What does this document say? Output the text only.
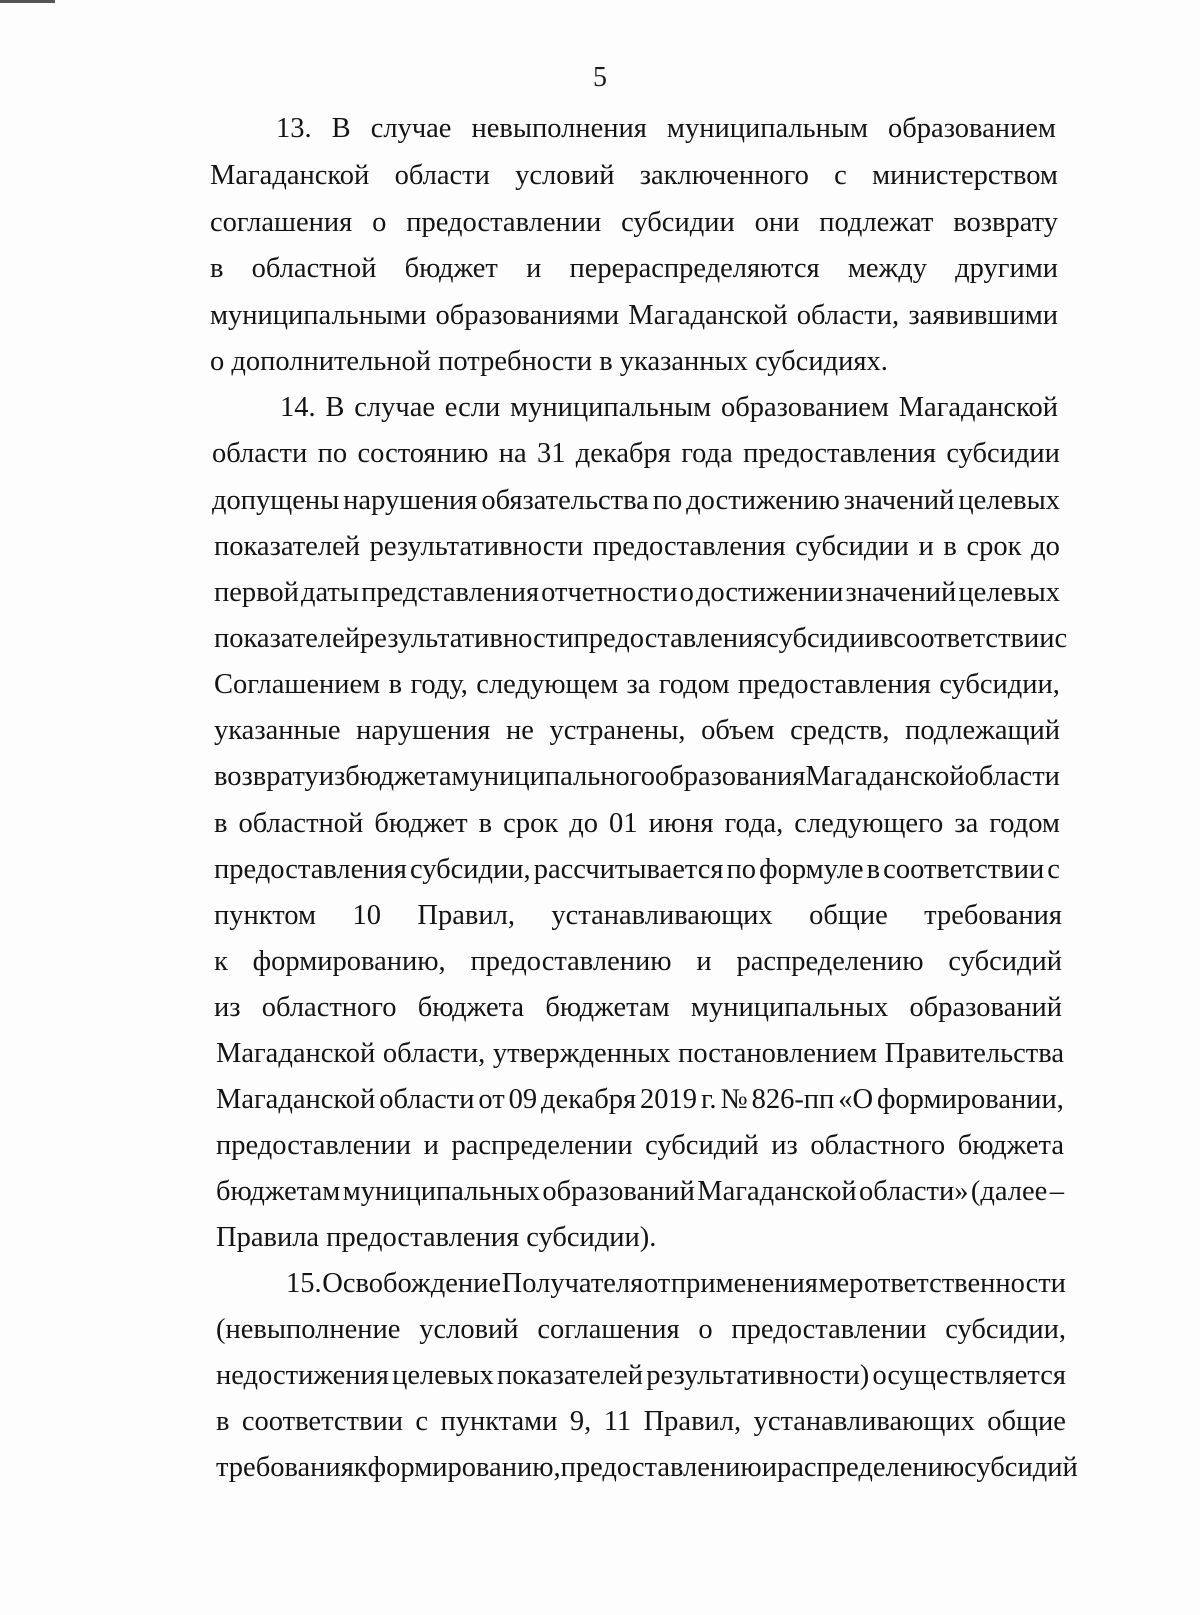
5
13. В случае невыполнения муниципальным образованием
Магаданской области условий заключенного с министерством
соглашения о предоставлении субсидии они подлежат возврату
в областной бюджет и перераспределяются между другими
муниципальными образованиями Магаданской области, заявившими
о дополнительной потребности в указанных субсидиях.
14. В случае если муниципальным образованием Магаданской
области по состоянию на 31 декабря года предоставления субсидии
допущены нарушения обязательства по достижению значений целевых
показателей результативности предоставления субсидии и в срок до
первой даты представления отчетности о достижении значений целевых
показателей результативности предоставления субсидии в соответствии с
Соглашением в году, следующем за годом предоставления субсидии,
указанные нарушения не устранены, объем средств, подлежащий
возврату из бюджета муниципального образования Магаданской области
в областной бюджет в срок до 01 июня года, следующего за годом
предоставления субсидии, рассчитывается по формуле в соответствии с
пунктом 10 Правил, устанавливающих общие требования
к формированию, предоставлению и распределению субсидий
из областного бюджета бюджетам муниципальных образований
Магаданской области, утвержденных постановлением Правительства
Магаданской области от 09 декабря 2019 г. № 826-пп «О формировании,
предоставлении и распределении субсидий из областного бюджета
бюджетам муниципальных образований Магаданской области» (далее –
Правила предоставления субсидии).
15. Освобождение Получателя от применения мер ответственности
(невыполнение условий соглашения о предоставлении субсидии,
недостижения целевых показателей результативности) осуществляется
в соответствии с пунктами 9, 11 Правил, устанавливающих общие
требования к формированию, предоставлению и распределению субсидий
